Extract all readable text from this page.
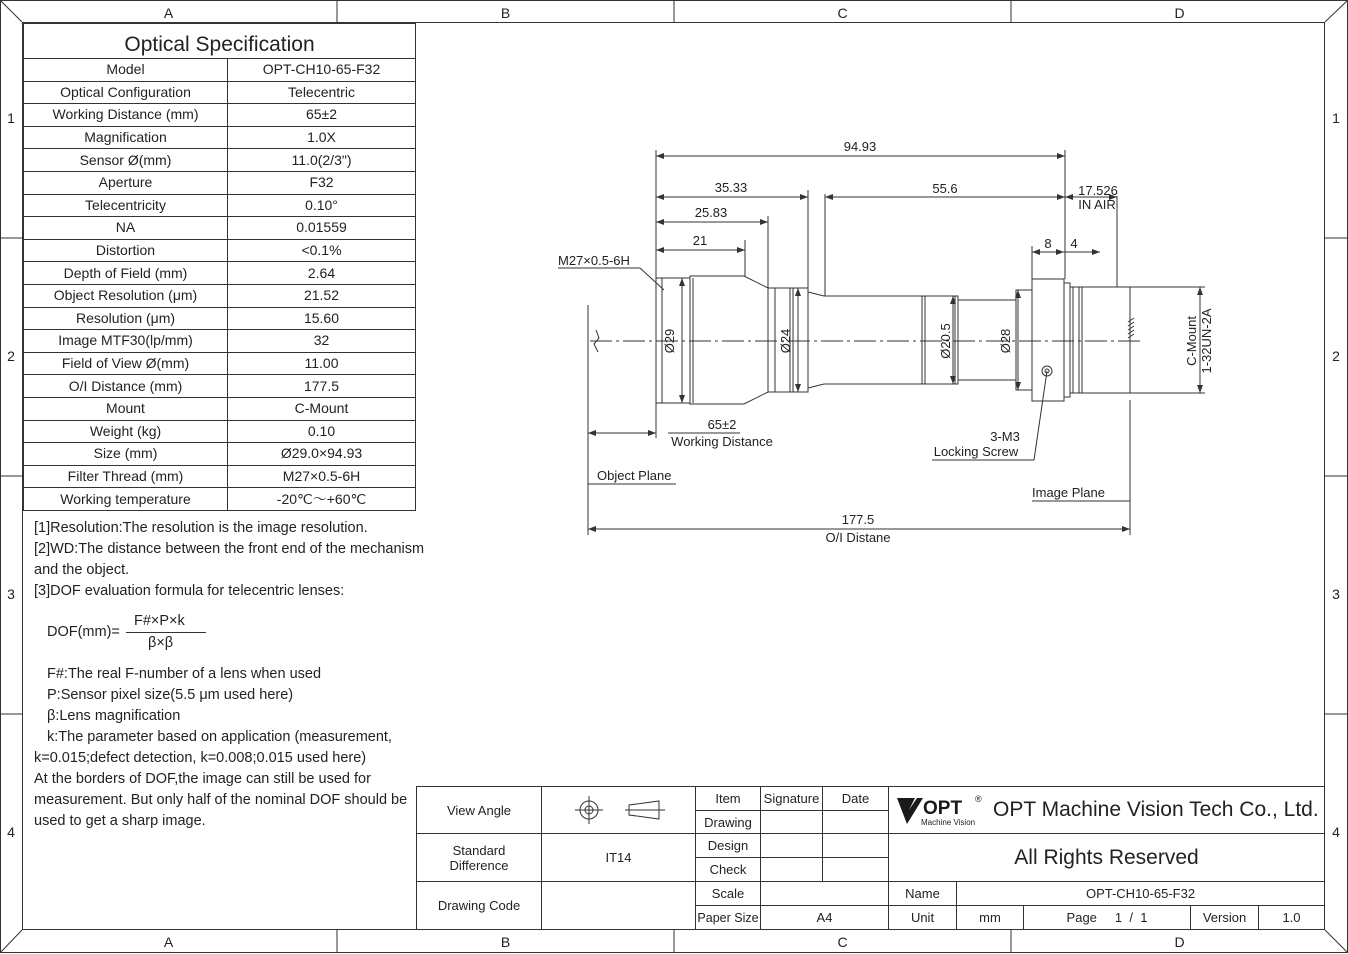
A	B	C	D
A	B	C	D
1
2
3
4
1
2
3
4
Optical Specification
Model	OPT-CH10-65-F32
Optical Configuration	Telecentric
Working Distance (mm)	65±2
Magnification	1.0X
Sensor Ø(mm)	11.0(2/3")
Aperture	F32
Telecentricity	0.10°
NA	0.01559
Distortion	<0.1%
Depth of Field (mm)	2.64
Object Resolution (μm)	21.52
Resolution (μm)	15.60
Image MTF30(lp/mm)	32
Field of View Ø(mm)	11.00
O/I Distance (mm)	177.5
Mount	C-Mount
Weight (kg)	0.10
Size (mm)	Ø29.0×94.93
Filter Thread (mm)	M27×0.5-6H
Working temperature	-20℃～+60℃
[1]Resolution:The resolution is the image resolution.
[2]WD:The distance between the front end of the mechanism
and the object.
[3]DOF evaluation formula for telecentric lenses:
DOF(mm)=
F#×P×k
β×β
F#:The real F-number of a lens when used
P:Sensor pixel size(5.5 μm used here)
β:Lens magnification
k:The parameter based on application (measurement,
k=0.015;defect detection, k=0.008;0.015 used here)
At the borders of DOF,the image can still be used for
measurement. But only half of the nominal DOF should be
used to get a sharp image.
94.93
35.33	55.6	17.526
IN AIR
25.83
21	8 4
M27×0.5-6H
Ø29	Ø24	Ø20.5	Ø28	C-Mount 1-32UN-2A
65±2
Working Distance	3-M3
Locking Screw
Object Plane
Image Plane
177.5
O/I Distane
View Angle
Standard
Difference	IT14
Drawing Code
Item	Signature	Date
Drawing
Design
Check
Scale
Paper Size	A4
OPT ®
Machine Vision
OPT Machine Vision Tech Co., Ltd.
All Rights Reserved
Name	OPT-CH10-65-F32
Unit	mm	Page 1  /  1	Version	1.0
